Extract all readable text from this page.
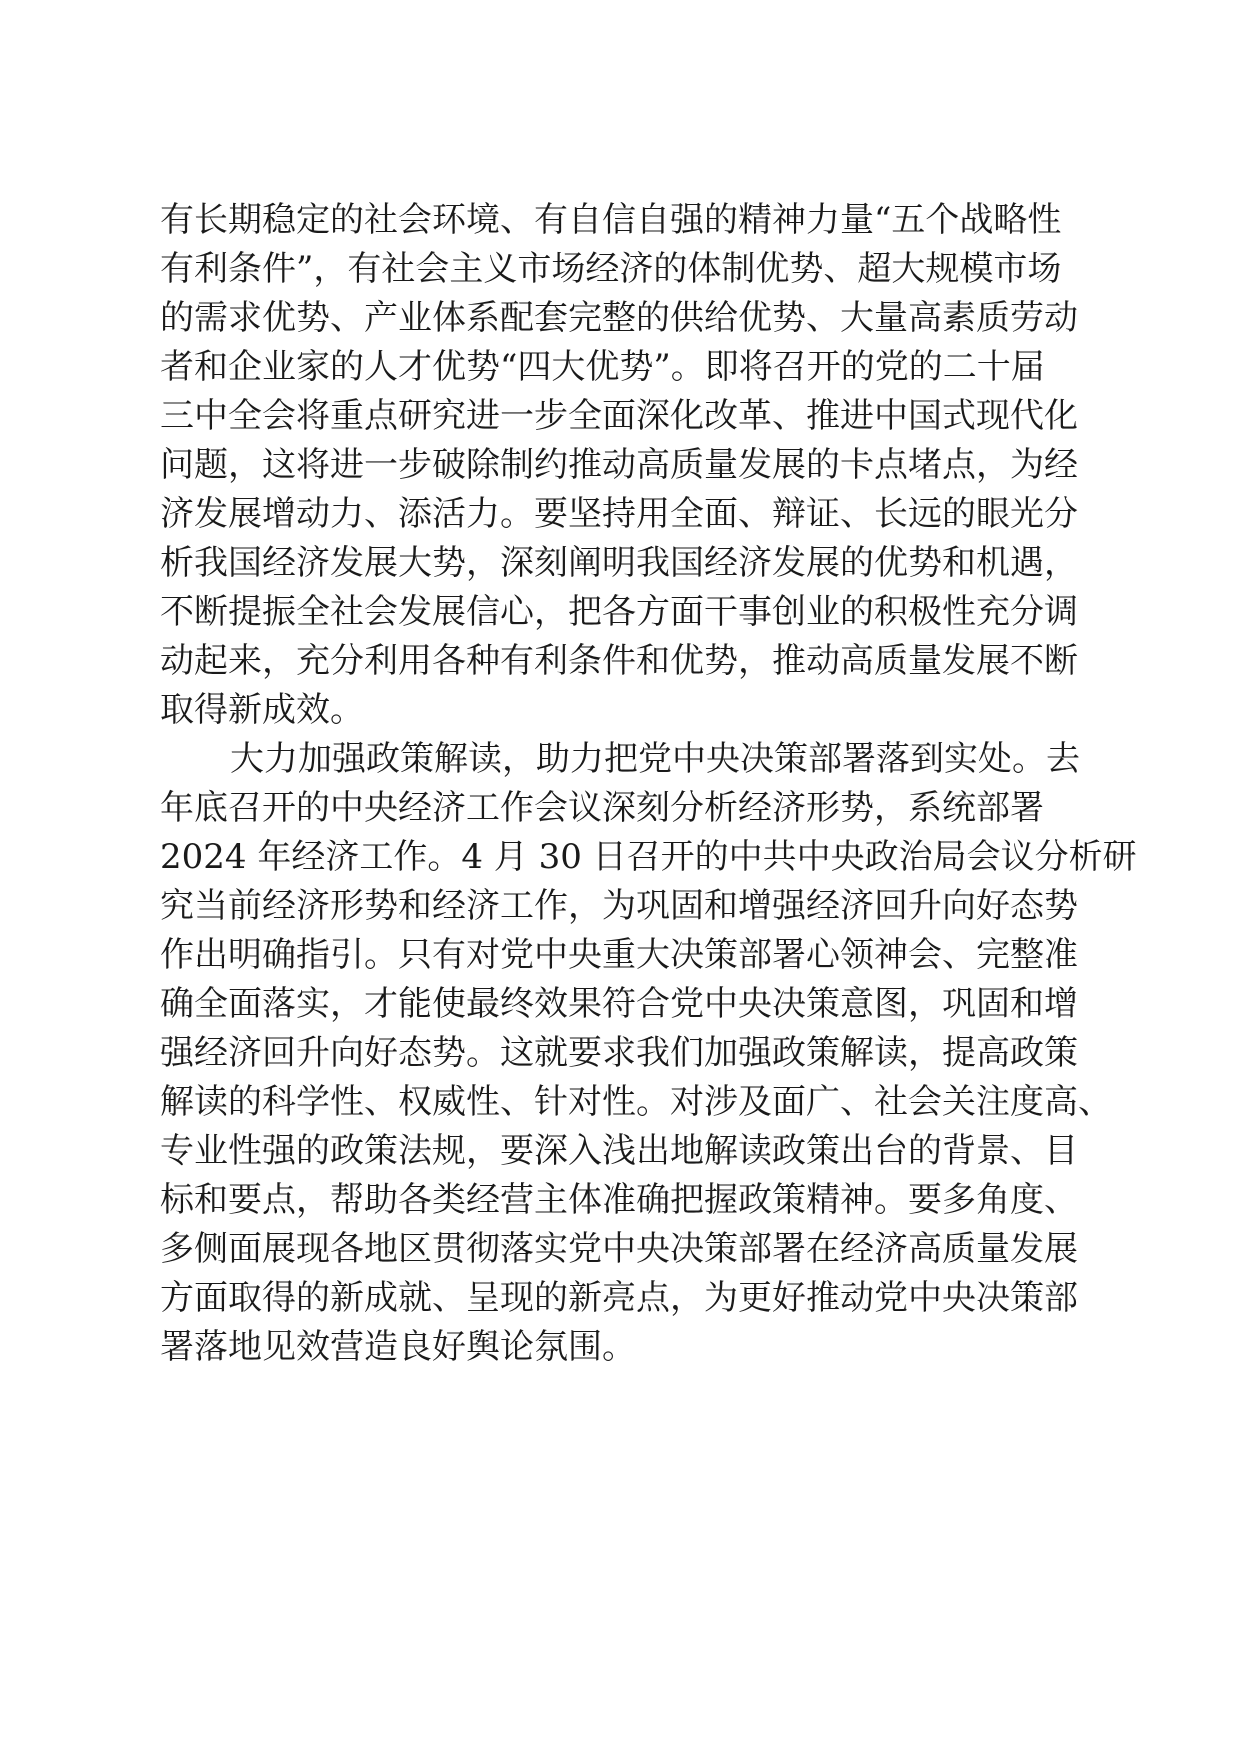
有长期稳定的社会环境、有自信自强的精神力量“五个战略性
有利条件”，有社会主义市场经济的体制优势、超大规模市场
的需求优势、产业体系配套完整的供给优势、大量高素质劳动
者和企业家的人才优势“四大优势”。即将召开的党的二十届
三中全会将重点研究进一步全面深化改革、推进中国式现代化
问题，这将进一步破除制约推动高质量发展的卡点堵点，为经
济发展增动力、添活力。要坚持用全面、辩证、长远的眼光分
析我国经济发展大势，深刻阐明我国经济发展的优势和机遇，
不断提振全社会发展信心，把各方面干事创业的积极性充分调
动起来，充分利用各种有利条件和优势，推动高质量发展不断
取得新成效。
大力加强政策解读，助力把党中央决策部署落到实处。去
年底召开的中央经济工作会议深刻分析经济形势，系统部署
2024 年经济工作。4 月 30 日召开的中共中央政治局会议分析研
究当前经济形势和经济工作，为巩固和增强经济回升向好态势
作出明确指引。只有对党中央重大决策部署心领神会、完整准
确全面落实，才能使最终效果符合党中央决策意图，巩固和增
强经济回升向好态势。这就要求我们加强政策解读，提高政策
解读的科学性、权威性、针对性。对涉及面广、社会关注度高、
专业性强的政策法规，要深入浅出地解读政策出台的背景、目
标和要点，帮助各类经营主体准确把握政策精神。要多角度、
多侧面展现各地区贯彻落实党中央决策部署在经济高质量发展
方面取得的新成就、呈现的新亮点，为更好推动党中央决策部
署落地见效营造良好舆论氛围。
